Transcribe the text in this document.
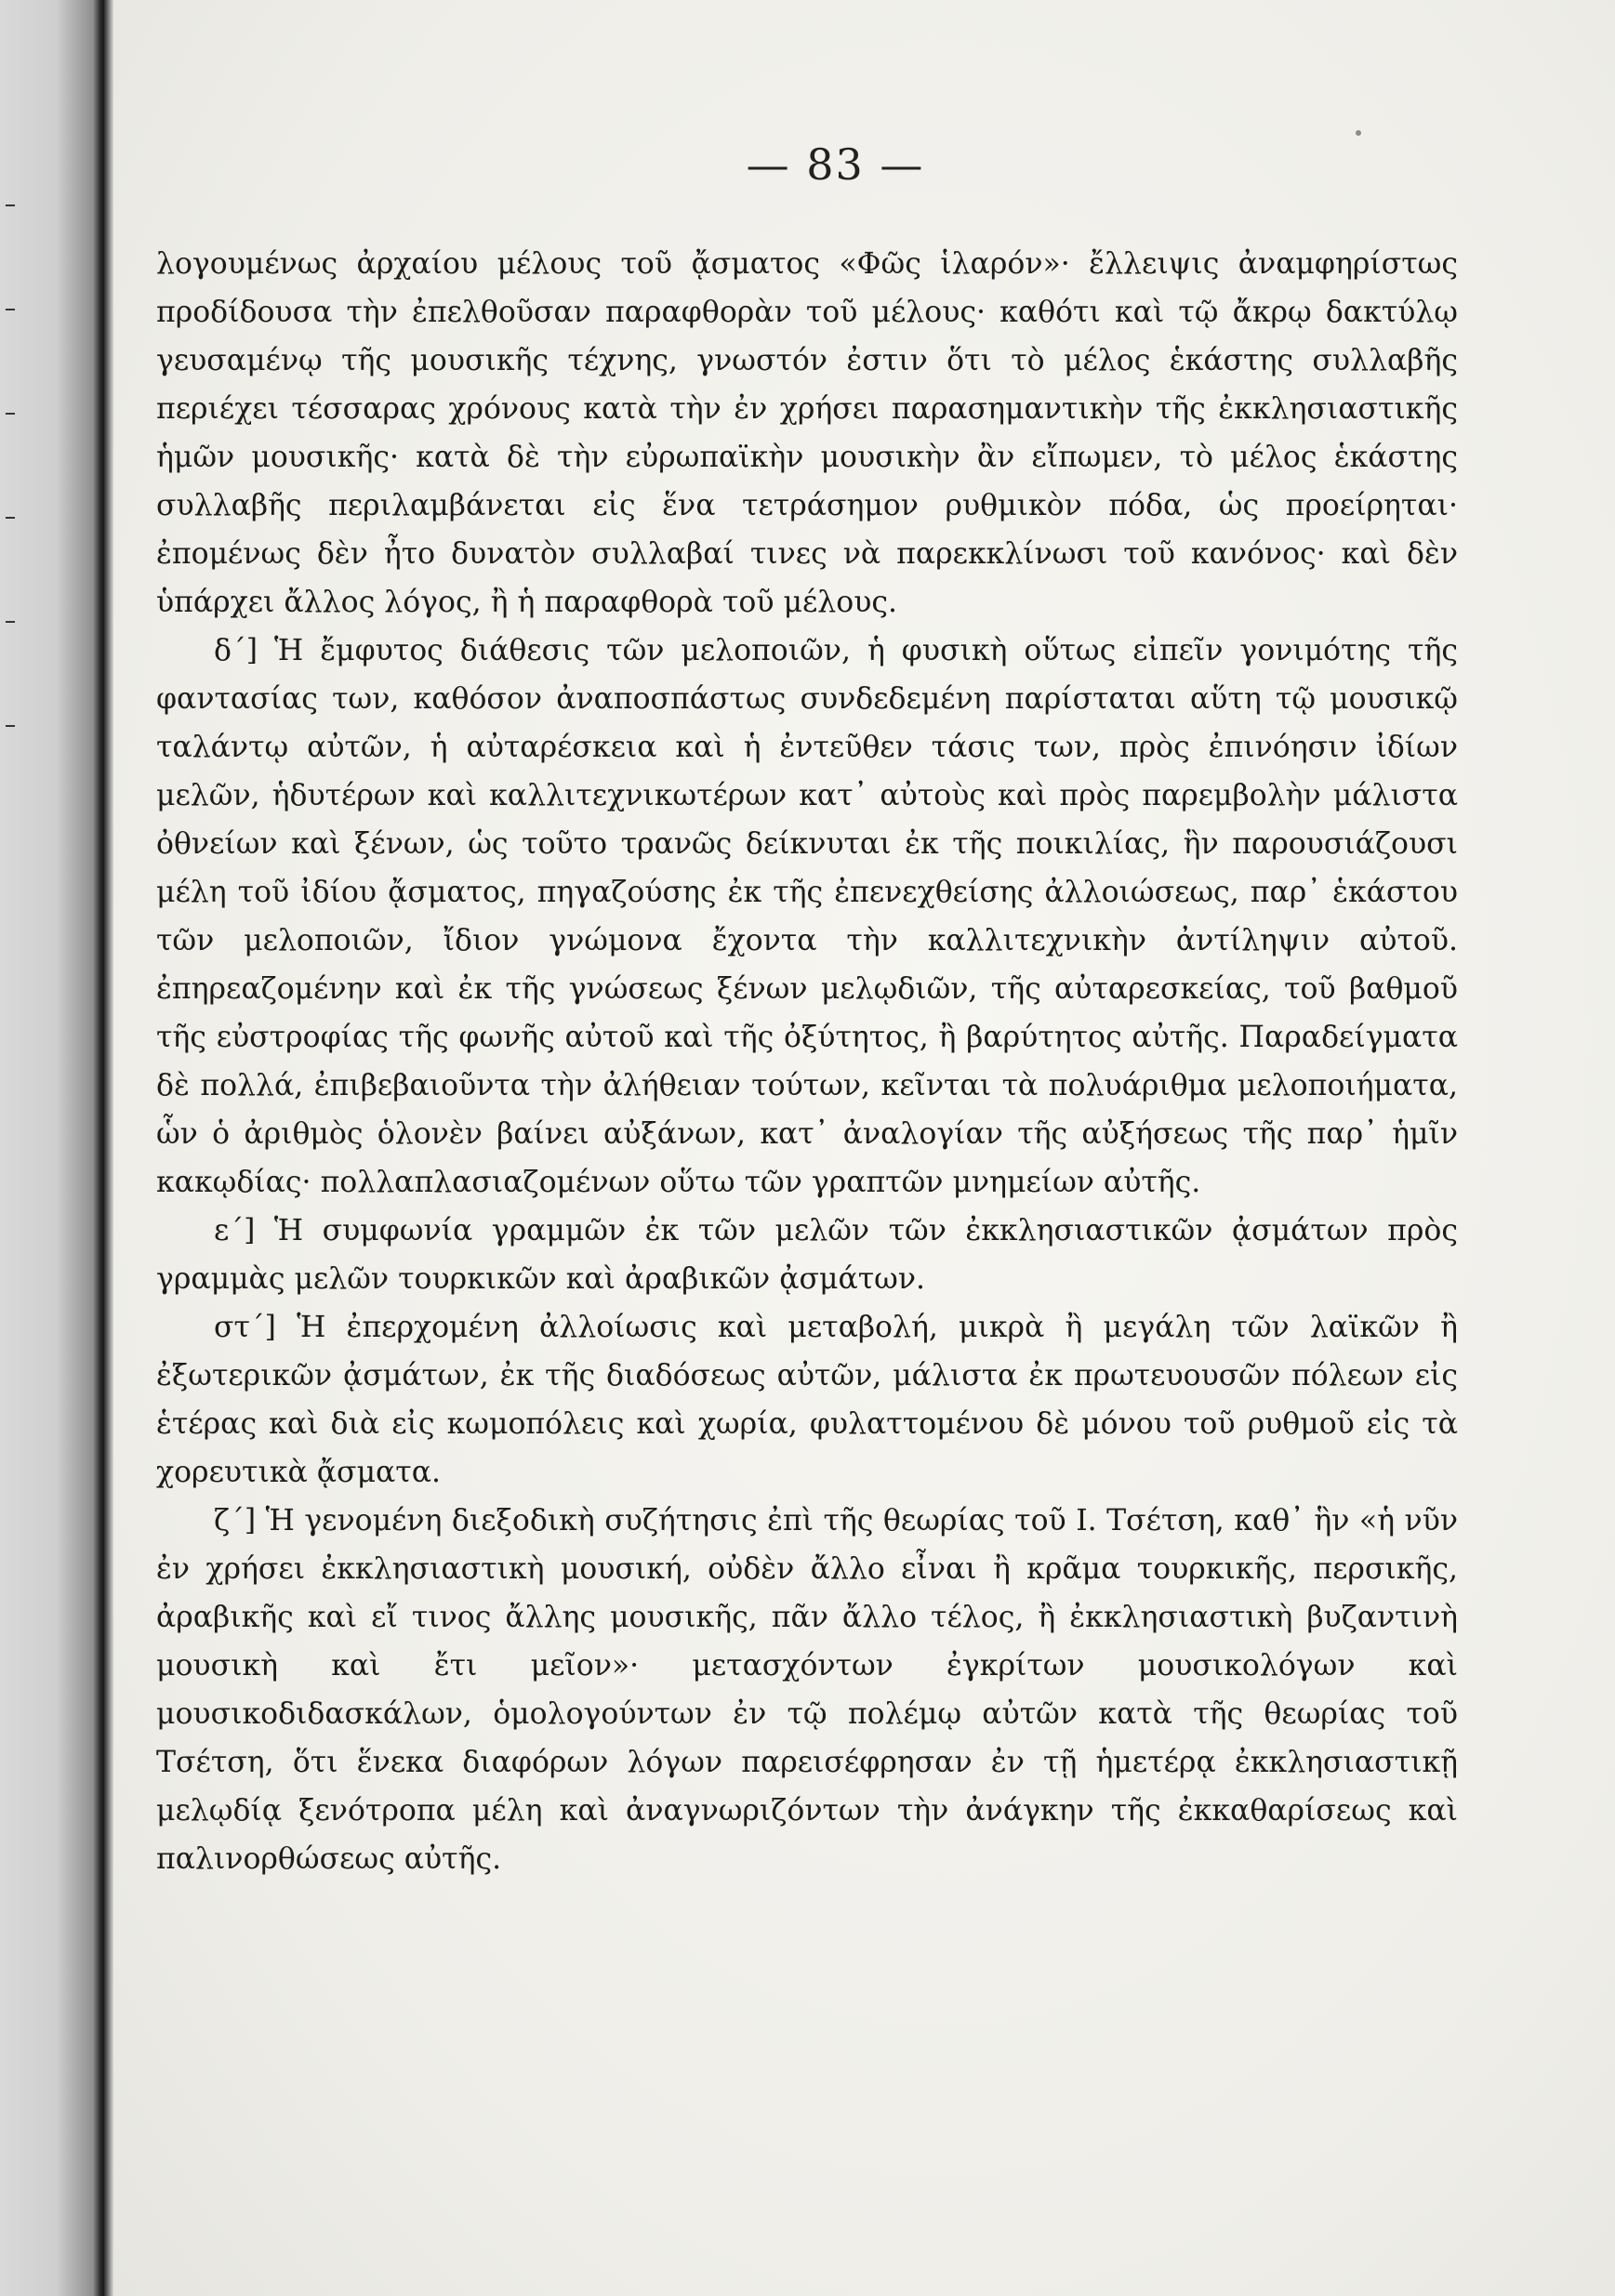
— 83 —

λογουμένως ἀρχαίου μέλους τοῦ ᾄσματος «Φῶς ἱλαρόν»· ἔλλειψις ἀναμφηρίστως προδίδουσα τὴν ἐπελθοῦσαν παραφθορὰν τοῦ μέλους· καθότι καὶ τῷ ἄκρῳ δακτύλῳ γευσαμένῳ τῆς μουσικῆς τέχνης, γνωστόν ἐστιν ὅτι τὸ μέλος ἑκάστης συλλαβῆς περιέχει τέσσαρας χρόνους κατὰ τὴν ἐν χρήσει παρασημαντικὴν τῆς ἐκκλησιαστικῆς ἡμῶν μουσικῆς· κατὰ δὲ τὴν εὐρωπαϊκὴν μουσικὴν ἂν εἴπωμεν, τὸ μέλος ἑκάστης συλλαβῆς περιλαμβάνεται εἰς ἕνα τετράσημον ρυθμικὸν πόδα, ὡς προείρηται· ἐπομένως δὲν ἦτο δυνατὸν συλλαβαί τινες νὰ παρεκκλίνωσι τοῦ κανόνος· καὶ δὲν ὑπάρχει ἄλλος λόγος, ἢ ἡ παραφθορὰ τοῦ μέλους.

δ΄] Ἡ ἔμφυτος διάθεσις τῶν μελοποιῶν, ἡ φυσικὴ οὕτως εἰπεῖν γονιμότης τῆς φαντασίας των, καθόσον ἀναποσπάστως συνδεδεμένη παρίσταται αὕτη τῷ μουσικῷ ταλάντῳ αὐτῶν, ἡ αὐταρέσκεια καὶ ἡ ἐντεῦθεν τάσις των, πρὸς ἐπινόησιν ἰδίων μελῶν, ἡδυτέρων καὶ καλλιτεχνικωτέρων κατ᾿ αὐτοὺς καὶ πρὸς παρεμβολὴν μάλιστα ὀθνείων καὶ ξένων, ὡς τοῦτο τρανῶς δείκνυται ἐκ τῆς ποικιλίας, ἣν παρουσιάζουσι μέλη τοῦ ἰδίου ᾄσματος, πηγαζούσης ἐκ τῆς ἐπενεχθείσης ἀλλοιώσεως, παρ᾿ ἑκάστου τῶν μελοποιῶν, ἴδιον γνώμονα ἔχοντα τὴν καλλιτεχνικὴν ἀντίληψιν αὐτοῦ. ἐπηρεαζομένην καὶ ἐκ τῆς γνώσεως ξένων μελῳδιῶν, τῆς αὐταρεσκείας, τοῦ βαθμοῦ τῆς εὐστροφίας τῆς φωνῆς αὐτοῦ καὶ τῆς ὀξύτητος, ἢ βαρύτητος αὐτῆς. Παραδείγματα δὲ πολλά, ἐπιβεβαιοῦντα τὴν ἀλήθειαν τούτων, κεῖνται τὰ πολυάριθμα μελοποιήματα, ὧν ὁ ἀριθμὸς ὁλονὲν βαίνει αὐξάνων, κατ᾿ ἀναλογίαν τῆς αὐξήσεως τῆς παρ᾿ ἡμῖν κακῳδίας· πολλαπλασιαζομένων οὕτω τῶν γραπτῶν μνημείων αὐτῆς.

ε΄] Ἡ συμφωνία γραμμῶν ἐκ τῶν μελῶν τῶν ἐκκλησιαστικῶν ᾀσμάτων πρὸς γραμμὰς μελῶν τουρκικῶν καὶ ἀραβικῶν ᾀσμάτων.

στ΄] Ἡ ἐπερχομένη ἀλλοίωσις καὶ μεταβολή, μικρὰ ἢ μεγάλη τῶν λαϊκῶν ἢ ἐξωτερικῶν ᾀσμάτων, ἐκ τῆς διαδόσεως αὐτῶν, μάλιστα ἐκ πρωτευουσῶν πόλεων εἰς ἑτέρας καὶ διὰ εἰς κωμοπόλεις καὶ χωρία, φυλαττομένου δὲ μόνου τοῦ ρυθμοῦ εἰς τὰ χορευτικὰ ᾄσματα.

ζ΄] Ἡ γενομένη διεξοδικὴ συζήτησις ἐπὶ τῆς θεωρίας τοῦ Ι. Τσέτση, καθ᾿ ἣν «ἡ νῦν ἐν χρήσει ἐκκλησιαστικὴ μουσική, οὐδὲν ἄλλο εἶναι ἢ κρᾶμα τουρκικῆς, περσικῆς, ἀραβικῆς καὶ εἴ τινος ἄλλης μουσικῆς, πᾶν ἄλλο τέλος, ἢ ἐκκλησιαστικὴ βυζαντινὴ μουσικὴ καὶ ἔτι μεῖον»· μετασχόντων ἐγκρίτων μουσικολόγων καὶ μουσικοδιδασκάλων, ὁμολογούντων ἐν τῷ πολέμῳ αὐτῶν κατὰ τῆς θεωρίας τοῦ Τσέτση, ὅτι ἕνεκα διαφόρων λόγων παρεισέφρησαν ἐν τῇ ἡμετέρᾳ ἐκκλησιαστικῇ μελῳδίᾳ ξενότροπα μέλη καὶ ἀναγνωριζόντων τὴν ἀνάγκην τῆς ἐκκαθαρίσεως καὶ παλινορθώσεως αὐτῆς.
